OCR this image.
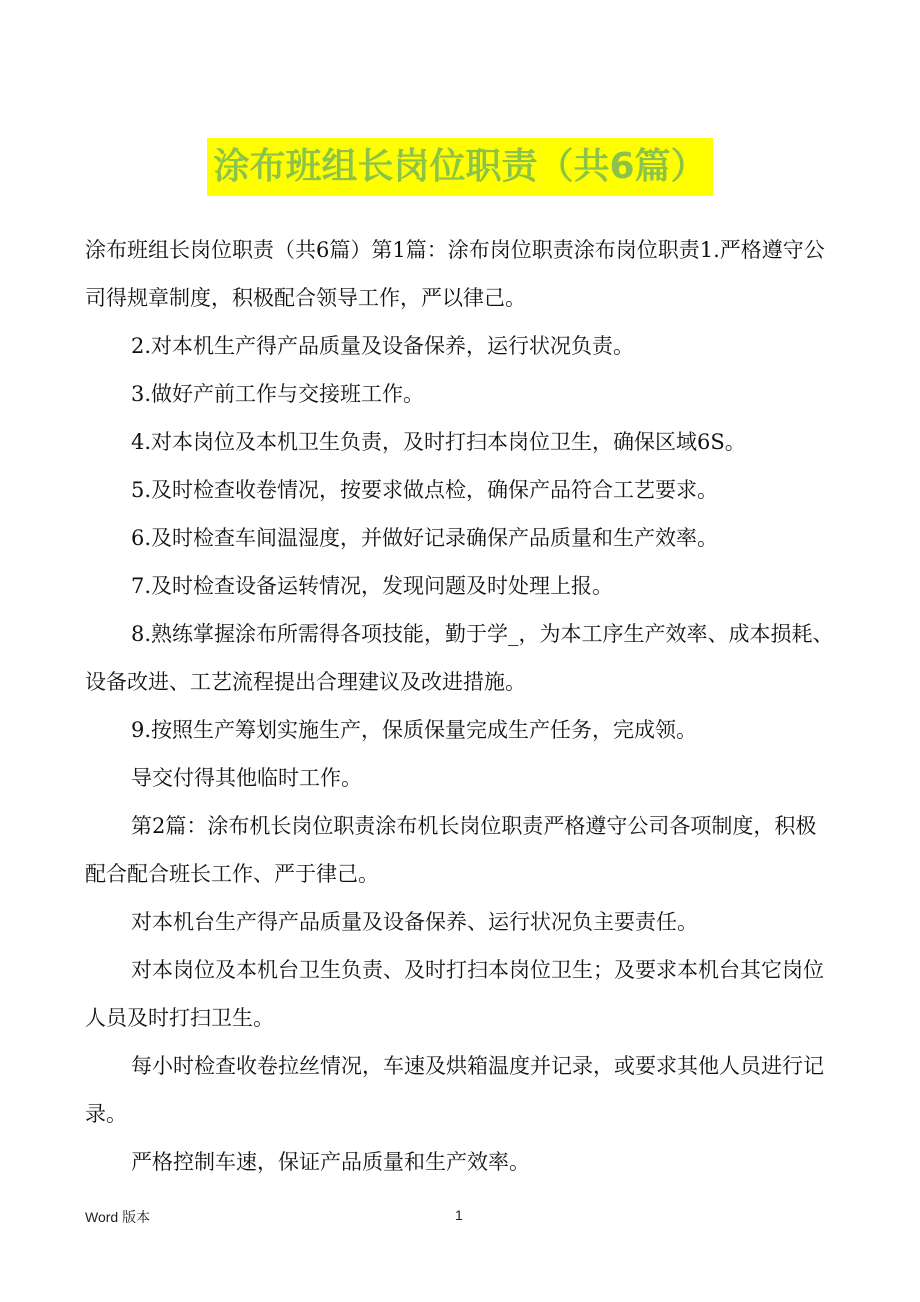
涂布班组长岗位职责（共6篇）

涂布班组长岗位职责（共6篇）第1篇：涂布岗位职责涂布岗位职责1.严格遵守公司得规章制度，积极配合领导工作，严以律己。

2.对本机生产得产品质量及设备保养，运行状况负责。

3.做好产前工作与交接班工作。

4.对本岗位及本机卫生负责，及时打扫本岗位卫生，确保区域6S。

5.及时检查收卷情况，按要求做点检，确保产品符合工艺要求。

6.及时检查车间温湿度，并做好记录确保产品质量和生产效率。

7.及时检查设备运转情况，发现问题及时处理上报。

8.熟练掌握涂布所需得各项技能，勤于学_，为本工序生产效率、成本损耗、设备改进、工艺流程提出合理建议及改进措施。

9.按照生产筹划实施生产，保质保量完成生产任务，完成领。

导交付得其他临时工作。

第2篇：涂布机长岗位职责涂布机长岗位职责严格遵守公司各项制度，积极配合配合班长工作、严于律己。

对本机台生产得产品质量及设备保养、运行状况负主要责任。

对本岗位及本机台卫生负责、及时打扫本岗位卫生；及要求本机台其它岗位人员及时打扫卫生。

每小时检查收卷拉丝情况，车速及烘箱温度并记录，或要求其他人员进行记录。

严格控制车速，保证产品质量和生产效率。

Word 版本	1
